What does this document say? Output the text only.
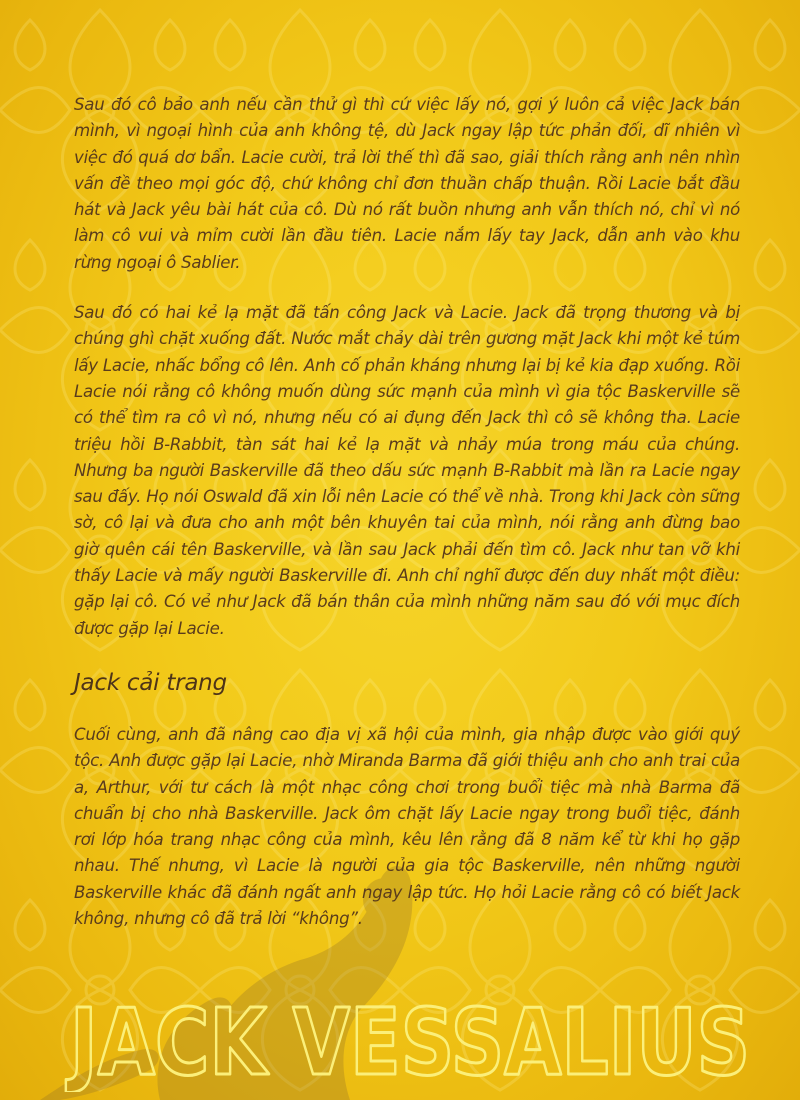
Sau đó cô bảo anh nếu cần thử gì thì cứ việc lấy nó, gợi ý luôn cả việc Jack bán mình, vì ngoại hình của anh không tệ, dù Jack ngay lập tức phản đối, dĩ nhiên vì việc đó quá dơ bẩn. Lacie cười, trả lời thế thì đã sao, giải thích rằng anh nên nhìn vấn đề theo mọi góc độ, chứ không chỉ đơn thuần chấp thuận. Rồi Lacie bắt đầu hát và Jack yêu bài hát của cô. Dù nó rất buồn nhưng anh vẫn thích nó, chỉ vì nó làm cô vui và mỉm cười lần đầu tiên. Lacie nắm lấy tay Jack, dẫn anh vào khu rừng ngoại ô Sablier.

Sau đó có hai kẻ lạ mặt đã tấn công Jack và Lacie. Jack đã trọng thương và bị chúng ghì chặt xuống đất. Nước mắt chảy dài trên gương mặt Jack khi một kẻ túm lấy Lacie, nhấc bổng cô lên. Anh cố phản kháng nhưng lại bị kẻ kia đạp xuống. Rồi Lacie nói rằng cô không muốn dùng sức mạnh của mình vì gia tộc Baskerville sẽ có thể tìm ra cô vì nó, nhưng nếu có ai đụng đến Jack thì cô sẽ không tha. Lacie triệu hồi B-Rabbit, tàn sát hai kẻ lạ mặt và nhảy múa trong máu của chúng. Nhưng ba người Baskerville đã theo dấu sức mạnh B-Rabbit mà lần ra Lacie ngay sau đấy. Họ nói Oswald đã xin lỗi nên Lacie có thể về nhà. Trong khi Jack còn sững sờ, cô lại và đưa cho anh một bên khuyên tai của mình, nói rằng anh đừng bao giờ quên cái tên Baskerville, và lần sau Jack phải đến tìm cô. Jack như tan vỡ khi thấy Lacie và mấy người Baskerville đi. Anh chỉ nghĩ được đến duy nhất một điều: gặp lại cô. Có vẻ như Jack đã bán thân của mình những năm sau đó với mục đích được gặp lại Lacie.

Jack cải trang

Cuối cùng, anh đã nâng cao địa vị xã hội của mình, gia nhập được vào giới quý tộc. Anh được gặp lại Lacie, nhờ Miranda Barma đã giới thiệu anh cho anh trai của a, Arthur, với tư cách là một nhạc công chơi trong buổi tiệc mà nhà Barma đã chuẩn bị cho nhà Baskerville. Jack ôm chặt lấy Lacie ngay trong buổi tiệc, đánh rơi lớp hóa trang nhạc công của mình, kêu lên rằng đã 8 năm kể từ khi họ gặp nhau. Thế nhưng, vì Lacie là người của gia tộc Baskerville, nên những người Baskerville khác đã đánh ngất anh ngay lập tức. Họ hỏi Lacie rằng cô có biết Jack không, nhưng cô đã trả lời “không”.

JACK VESSALIUS
